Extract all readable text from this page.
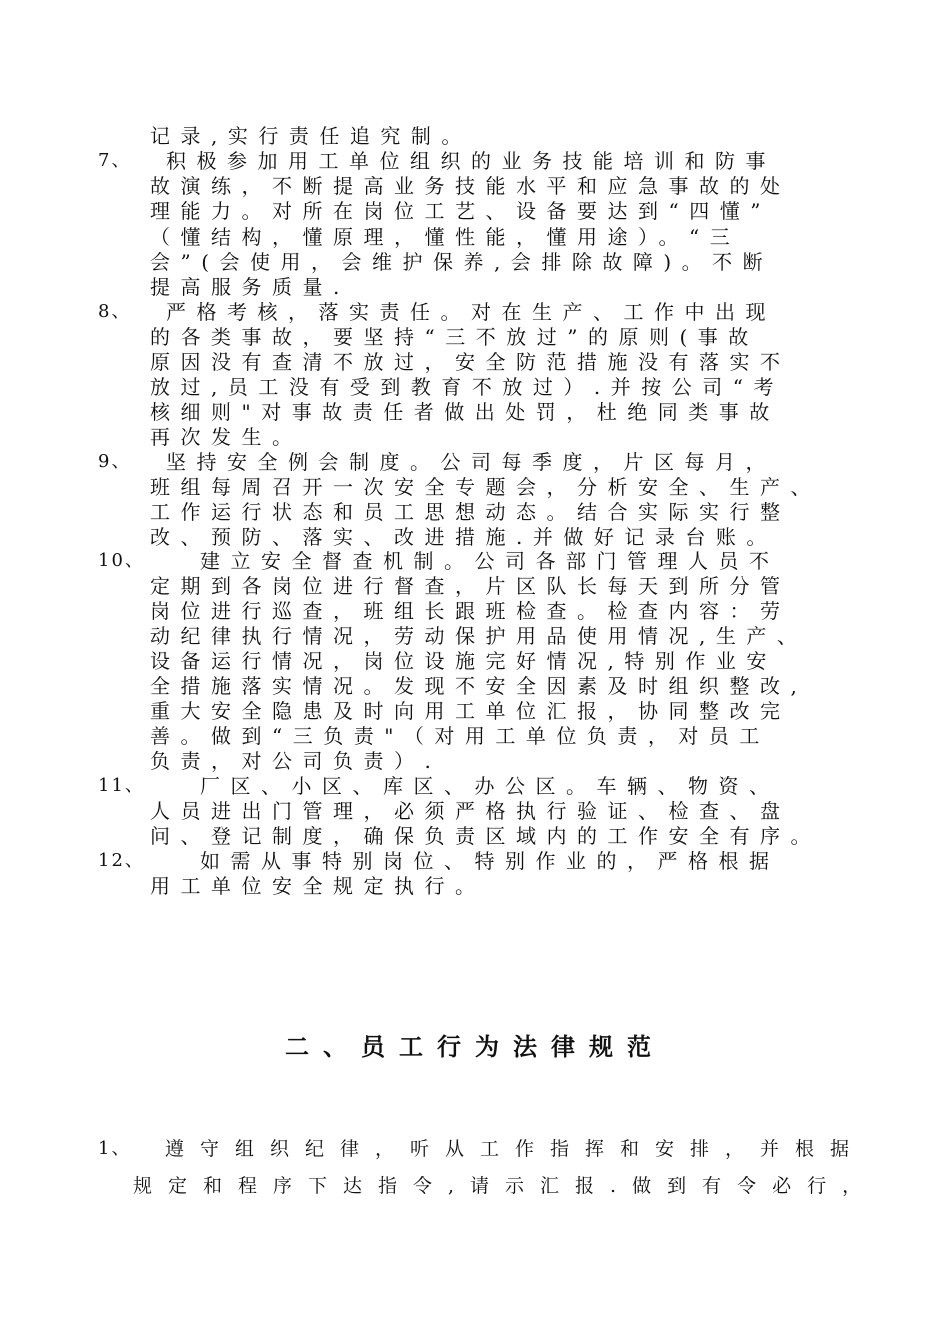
记录,实行责任追究制。
7、 积极参加用工单位组织的业务技能培训和防事
故演练，不断提高业务技能水平和应急事故的处
理能力。对所在岗位工艺、设备要达到“四懂”
（懂结构，懂原理，懂性能，懂用途）。“三
会”(会使用，会维护保养,会排除故障)。不断
提高服务质量.
8、 严格考核，落实责任。对在生产、工作中出现
的各类事故，要坚持“三不放过”的原则(事故
原因没有查清不放过，安全防范措施没有落实不
放过,员工没有受到教育不放过）.并按公司“考
核细则"对事故责任者做出处罚，杜绝同类事故
再次发生。
9、 坚持安全例会制度。公司每季度，片区每月，
班组每周召开一次安全专题会，分析安全、生产、
工作运行状态和员工思想动态。结合实际实行整
改、预防、落实、改进措施.并做好记录台账。
10、	建立安全督查机制。公司各部门管理人员不
定期到各岗位进行督查，片区队长每天到所分管
岗位进行巡查，班组长跟班检查。检查内容：劳
动纪律执行情况，劳动保护用品使用情况,生产、
设备运行情况，岗位设施完好情况,特别作业安
全措施落实情况。发现不安全因素及时组织整改,
重大安全隐患及时向用工单位汇报，协同整改完
善。做到“三负责"（对用工单位负责，对员工
负责，对公司负责）.
11、	厂区、小区、库区、办公区。车辆、物资、
人员进出门管理，必须严格执行验证、检查、盘
问、登记制度，确保负责区域内的工作安全有序。
12、	如需从事特别岗位、特别作业的，严格根据
用工单位安全规定执行。
二、员工行为法律规范
1、 遵守组织纪律，听从工作指挥和安排，并根据
规定和程序下达指令,请示汇报.做到有令必行，
